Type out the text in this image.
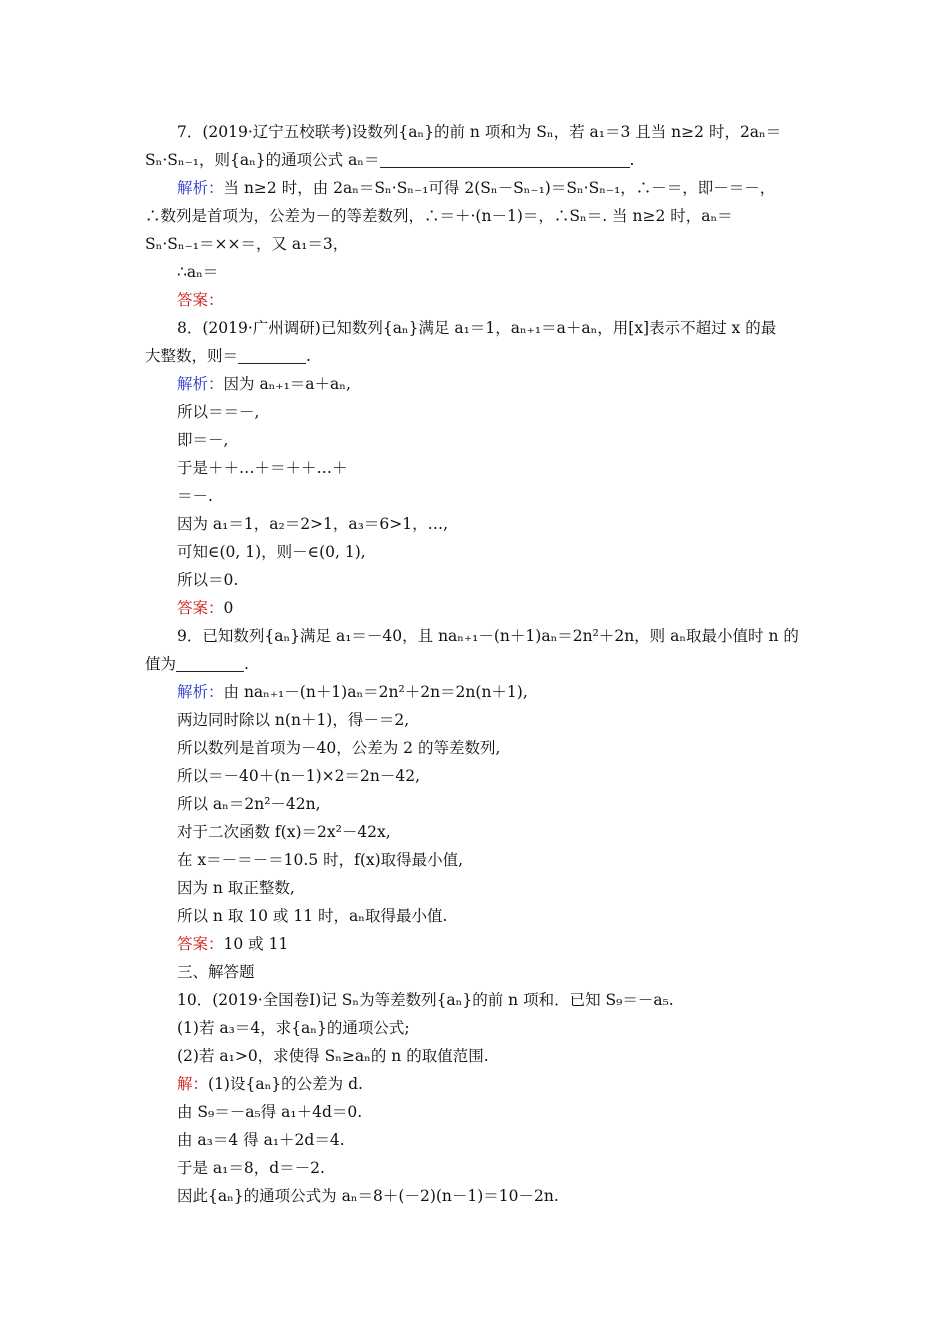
7．(2019·辽宁五校联考)设数列{aₙ}的前 n 项和为 Sₙ，若 a₁＝3 且当 n≥2 时，2aₙ＝
Sₙ·Sₙ₋₁，则{aₙ}的通项公式 aₙ＝	.
解析：当 n≥2 时，由 2aₙ＝Sₙ·Sₙ₋₁可得 2(Sₙ－Sₙ₋₁)＝Sₙ·Sₙ₋₁，∴－＝，即－＝－，
∴数列是首项为，公差为－的等差数列，∴＝＋·(n－1)＝，∴Sₙ＝. 当 n≥2 时，aₙ＝
Sₙ·Sₙ₋₁＝××＝，又 a₁＝3，
∴aₙ＝
答案：
8．(2019·广州调研)已知数列{aₙ}满足 a₁＝1，aₙ₊₁＝a＋aₙ，用[x]表示不超过 x 的最
大整数，则＝	.
解析：因为 aₙ₊₁＝a＋aₙ,
所以＝＝－,
即＝－,
于是＋＋…＋＝＋＋…＋
＝－.
因为 a₁＝1，a₂＝2>1，a₃＝6>1，…,
可知∈(0, 1)，则－∈(0, 1),
所以＝0.
答案：0
9．已知数列{aₙ}满足 a₁＝－40，且 naₙ₊₁－(n＋1)aₙ＝2n²＋2n，则 aₙ取最小值时 n 的
值为	.
解析：由 naₙ₊₁－(n＋1)aₙ＝2n²＋2n＝2n(n＋1),
两边同时除以 n(n＋1)，得－＝2,
所以数列是首项为－40，公差为 2 的等差数列,
所以＝－40＋(n－1)×2＝2n－42,
所以 aₙ＝2n²－42n,
对于二次函数 f(x)＝2x²－42x,
在 x＝－＝－＝10.5 时，f(x)取得最小值,
因为 n 取正整数,
所以 n 取 10 或 11 时，aₙ取得最小值.
答案：10 或 11
三、解答题
10．(2019·全国卷Ⅰ)记 Sₙ为等差数列{aₙ}的前 n 项和．已知 S₉＝－a₅.
(1)若 a₃＝4，求{aₙ}的通项公式;
(2)若 a₁>0，求使得 Sₙ≥aₙ的 n 的取值范围.
解：(1)设{aₙ}的公差为 d.
由 S₉＝－a₅得 a₁＋4d＝0.
由 a₃＝4 得 a₁＋2d＝4.
于是 a₁＝8，d＝－2.
因此{aₙ}的通项公式为 aₙ＝8＋(－2)(n－1)＝10－2n.
